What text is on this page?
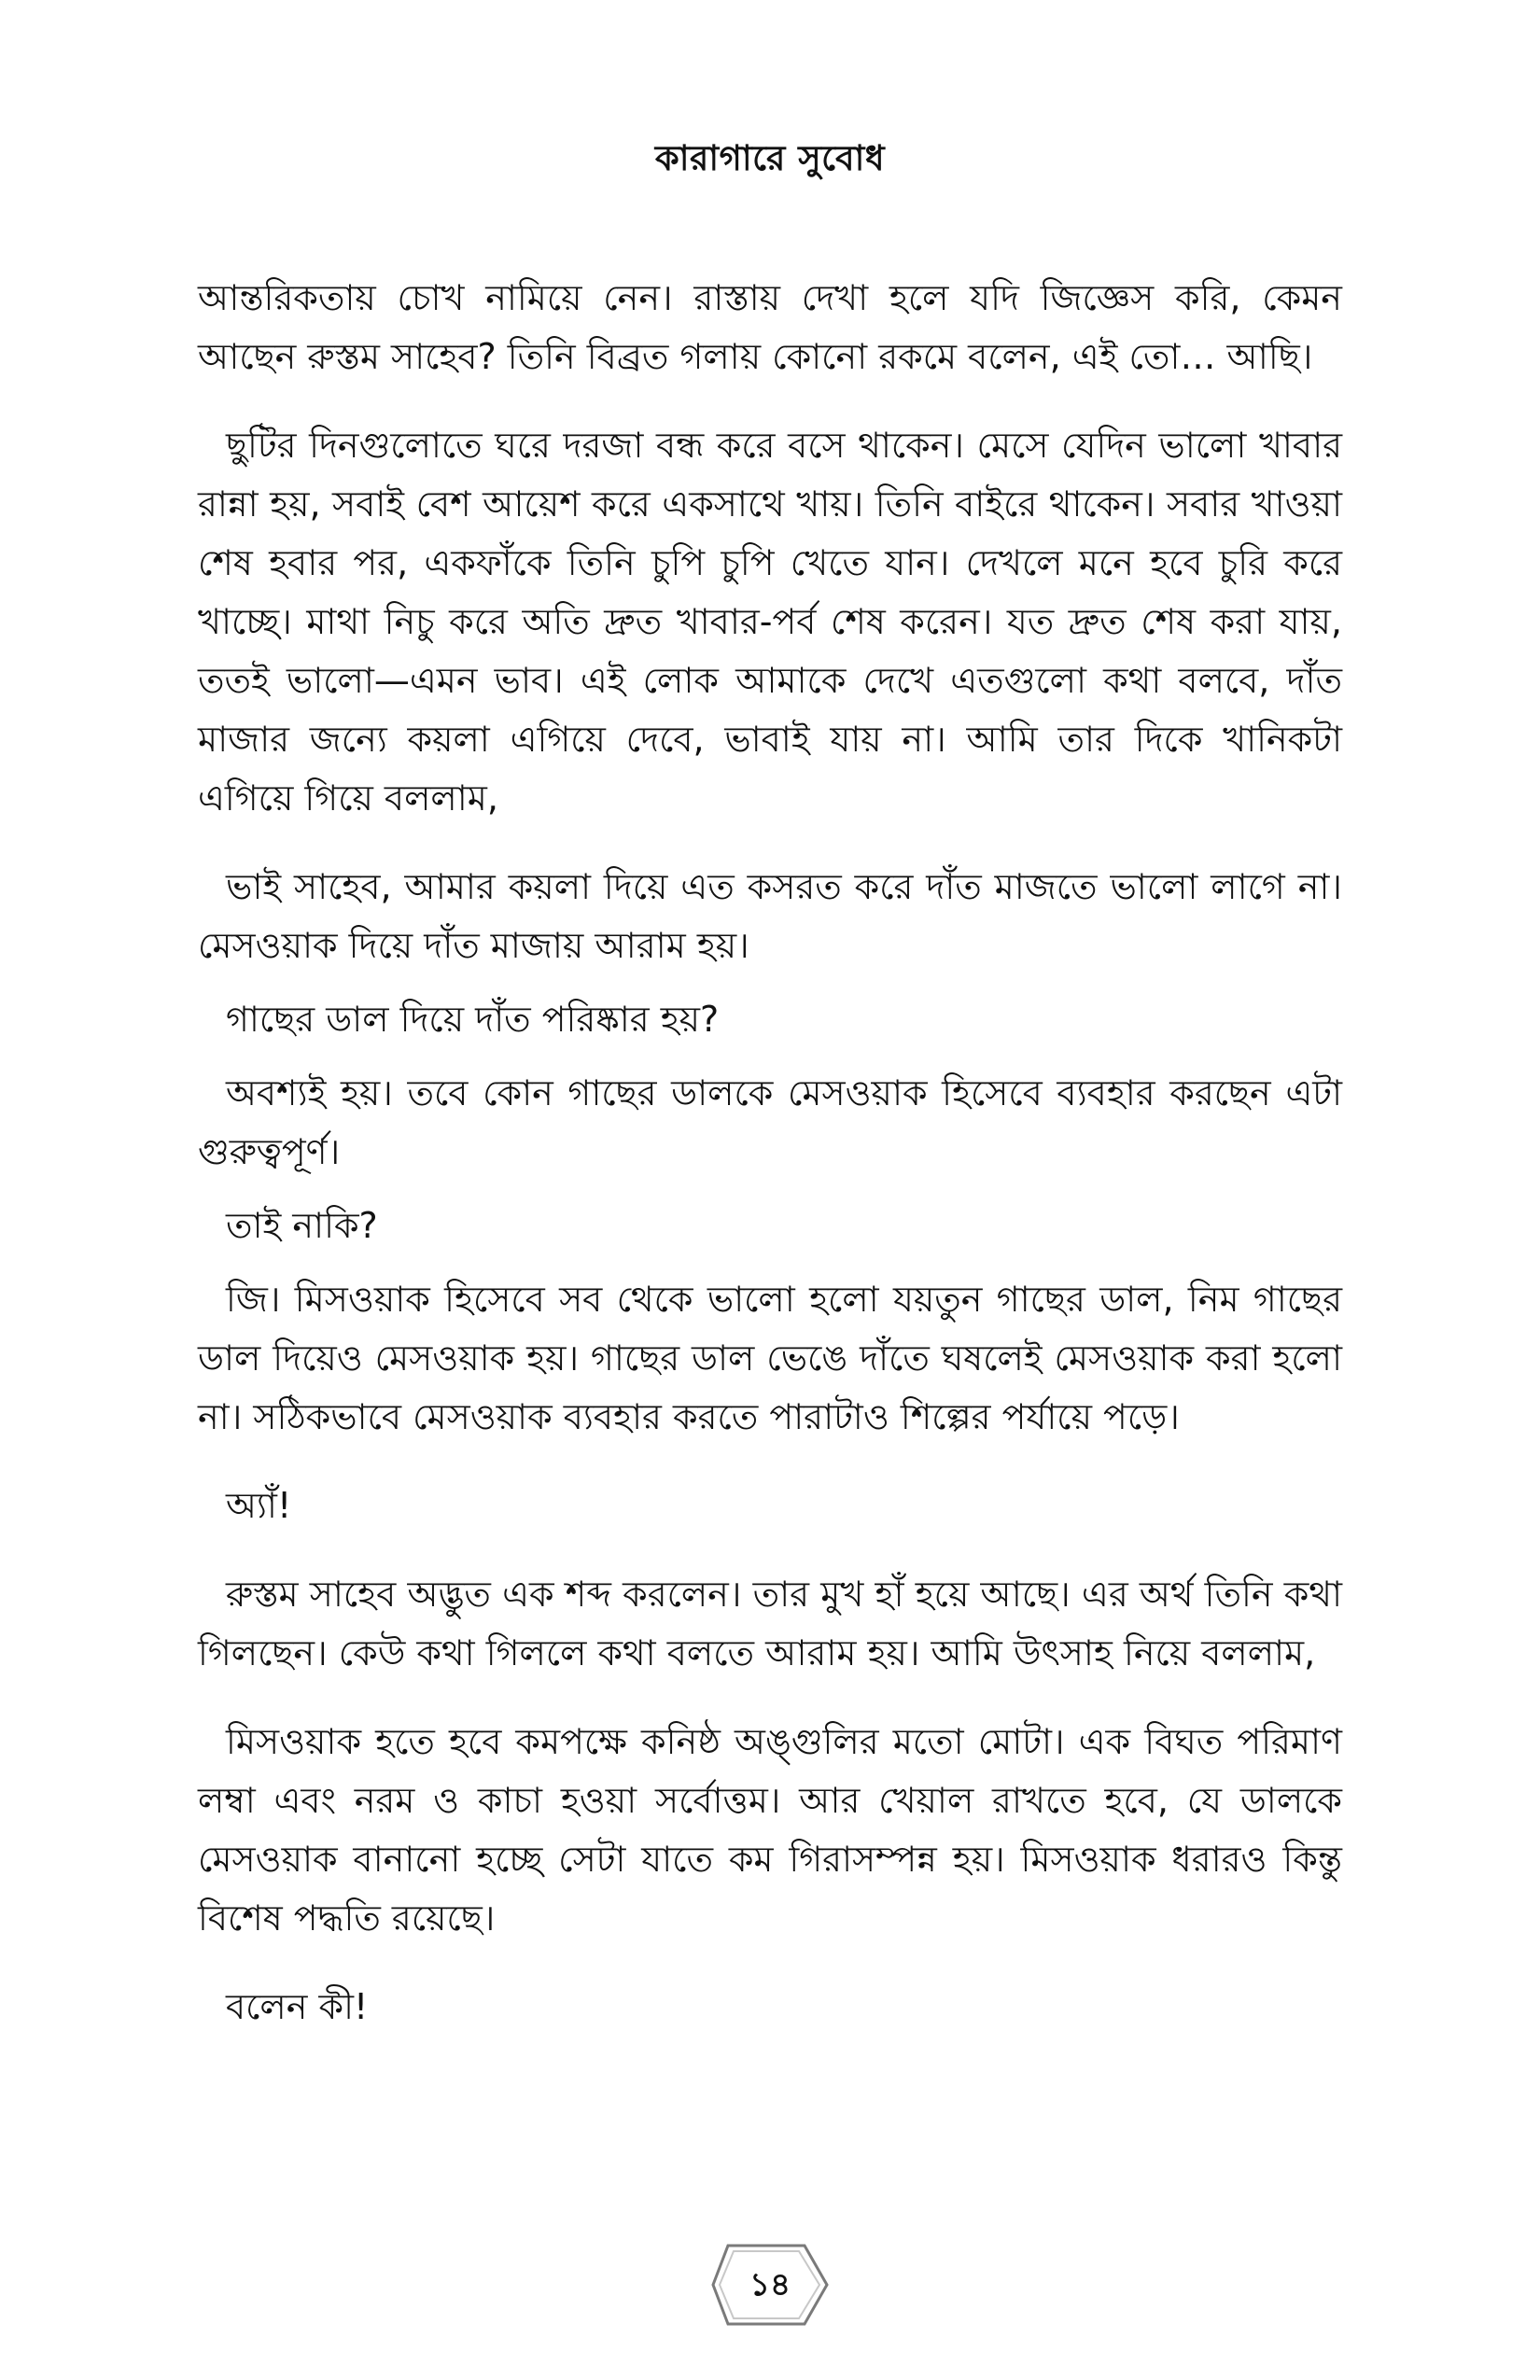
কারাগারে সুবোধ

আন্তরিকতায় চোখ নামিয়ে নেন। রাস্তায় দেখা হলে যদি জিজ্ঞেস করি, কেমন আছেন রুস্তম সাহেব? তিনি বিব্রত গলায় কোনো রকমে বলেন, এই তো… আছি।

ছুটির দিনগুলোতে ঘরে দরজা বন্ধ করে বসে থাকেন। মেসে যেদিন ভালো খাবার রান্না হয়, সবাই বেশ আয়েশ করে একসাথে খায়। তিনি বাইরে থাকেন। সবার খাওয়া শেষ হবার পর, একফাঁকে তিনি চুপি চুপি খেতে যান। দেখলে মনে হবে চুরি করে খাচ্ছে। মাথা নিচু করে অতি দ্রুত খাবার-পর্ব শেষ করেন। যত দ্রুত শেষ করা যায়, ততই ভালো—এমন ভাব। এই লোক আমাকে দেখে এতগুলো কথা বলবে, দাঁত মাজার জন্যে কয়লা এগিয়ে দেবে, ভাবাই যায় না। আমি তার দিকে খানিকটা এগিয়ে গিয়ে বললাম,

ভাই সাহেব, আমার কয়লা দিয়ে এত কসরত করে দাঁত মাজতে ভালো লাগে না। মেসওয়াক দিয়ে দাঁত মাজায় আরাম হয়।

গাছের ডাল দিয়ে দাঁত পরিষ্কার হয়?

অবশ্যই হয়। তবে কোন গাছের ডালকে মেসওয়াক হিসেবে ব্যবহার করছেন এটা গুরুত্বপূর্ণ।

তাই নাকি?

জি। মিসওয়াক হিসেবে সব থেকে ভালো হলো যয়তুন গাছের ডাল, নিম গাছের ডাল দিয়েও মেসওয়াক হয়। গাছের ডাল ভেঙে দাঁতে ঘষলেই মেসওয়াক করা হলো না। সঠিকভাবে মেসওয়াক ব্যবহার করতে পারাটাও শিল্পের পর্যায়ে পড়ে।

অ্যাঁ!

রুস্তম সাহেব অদ্ভুত এক শব্দ করলেন। তার মুখ হাঁ হয়ে আছে। এর অর্থ তিনি কথা গিলছেন। কেউ কথা গিললে কথা বলতে আরাম হয়। আমি উৎসাহ নিয়ে বললাম,

মিসওয়াক হতে হবে কমপক্ষে কনিষ্ঠ অঙ্গুলির মতো মোটা। এক বিঘত পরিমাণ লম্বা এবং নরম ও কাচা হওয়া সর্বোত্তম। আর খেয়াল রাখতে হবে, যে ডালকে মেসওয়াক বানানো হচ্ছে সেটা যাতে কম গিরাসম্পন্ন হয়। মিসওয়াক ধরারও কিন্তু বিশেষ পদ্ধতি রয়েছে।

বলেন কী!

১৪
